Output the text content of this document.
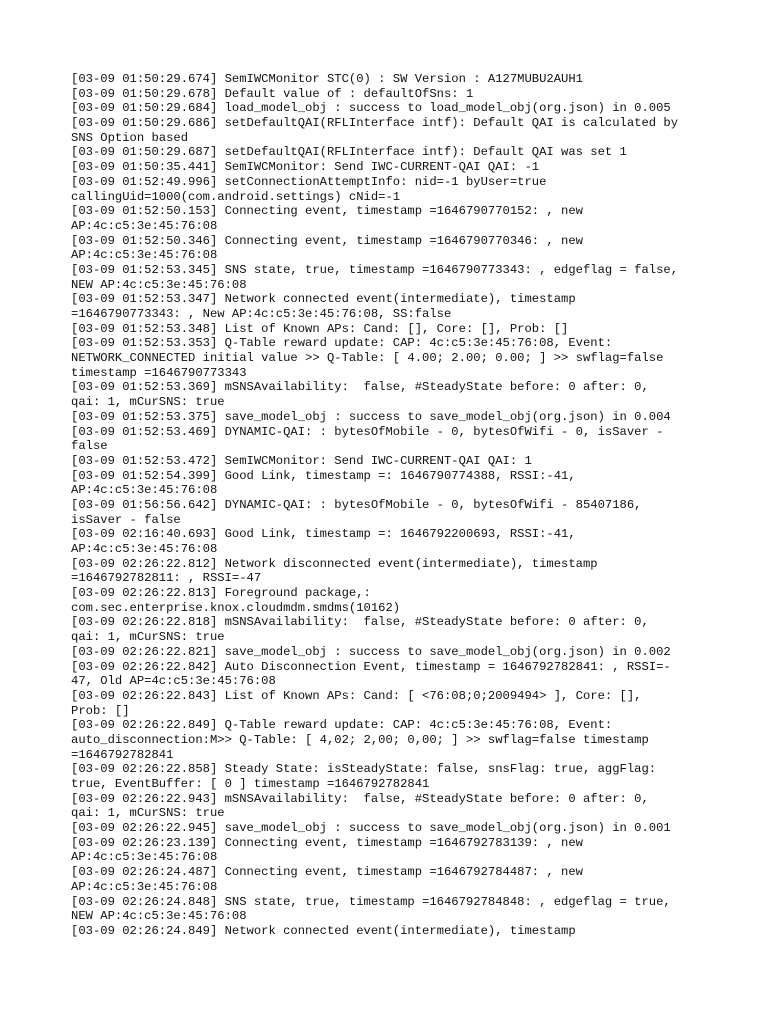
[03-09 01:50:29.674] SemIWCMonitor STC(0) : SW Version : A127MUBU2AUH1
[03-09 01:50:29.678] Default value of : defaultOfSns: 1
[03-09 01:50:29.684] load_model_obj : success to load_model_obj(org.json) in 0.005
[03-09 01:50:29.686] setDefaultQAI(RFLInterface intf): Default QAI is calculated by
SNS Option based
[03-09 01:50:29.687] setDefaultQAI(RFLInterface intf): Default QAI was set 1
[03-09 01:50:35.441] SemIWCMonitor: Send IWC-CURRENT-QAI QAI: -1
[03-09 01:52:49.996] setConnectionAttemptInfo: nid=-1 byUser=true
callingUid=1000(com.android.settings) cNid=-1
[03-09 01:52:50.153] Connecting event, timestamp =1646790770152: , new
AP:4c:c5:3e:45:76:08
[03-09 01:52:50.346] Connecting event, timestamp =1646790770346: , new
AP:4c:c5:3e:45:76:08
[03-09 01:52:53.345] SNS state, true, timestamp =1646790773343: , edgeflag = false,
NEW AP:4c:c5:3e:45:76:08
[03-09 01:52:53.347] Network connected event(intermediate), timestamp
=1646790773343: , New AP:4c:c5:3e:45:76:08, SS:false
[03-09 01:52:53.348] List of Known APs: Cand: [], Core: [], Prob: []
[03-09 01:52:53.353] Q-Table reward update: CAP: 4c:c5:3e:45:76:08, Event:
NETWORK_CONNECTED initial value >> Q-Table: [ 4.00; 2.00; 0.00; ] >> swflag=false
timestamp =1646790773343
[03-09 01:52:53.369] mSNSAvailability:  false, #SteadyState before: 0 after: 0,
qai: 1, mCurSNS: true
[03-09 01:52:53.375] save_model_obj : success to save_model_obj(org.json) in 0.004
[03-09 01:52:53.469] DYNAMIC-QAI: : bytesOfMobile - 0, bytesOfWifi - 0, isSaver -
false
[03-09 01:52:53.472] SemIWCMonitor: Send IWC-CURRENT-QAI QAI: 1
[03-09 01:52:54.399] Good Link, timestamp =: 1646790774388, RSSI:-41,
AP:4c:c5:3e:45:76:08
[03-09 01:56:56.642] DYNAMIC-QAI: : bytesOfMobile - 0, bytesOfWifi - 85407186,
isSaver - false
[03-09 02:16:40.693] Good Link, timestamp =: 1646792200693, RSSI:-41,
AP:4c:c5:3e:45:76:08
[03-09 02:26:22.812] Network disconnected event(intermediate), timestamp
=1646792782811: , RSSI=-47
[03-09 02:26:22.813] Foreground package,:
com.sec.enterprise.knox.cloudmdm.smdms(10162)
[03-09 02:26:22.818] mSNSAvailability:  false, #SteadyState before: 0 after: 0,
qai: 1, mCurSNS: true
[03-09 02:26:22.821] save_model_obj : success to save_model_obj(org.json) in 0.002
[03-09 02:26:22.842] Auto Disconnection Event, timestamp = 1646792782841: , RSSI=-
47, Old AP=4c:c5:3e:45:76:08
[03-09 02:26:22.843] List of Known APs: Cand: [ <76:08;0;2009494> ], Core: [],
Prob: []
[03-09 02:26:22.849] Q-Table reward update: CAP: 4c:c5:3e:45:76:08, Event:
auto_disconnection:M>> Q-Table: [ 4,02; 2,00; 0,00; ] >> swflag=false timestamp
=1646792782841
[03-09 02:26:22.858] Steady State: isSteadyState: false, snsFlag: true, aggFlag:
true, EventBuffer: [ 0 ] timestamp =1646792782841
[03-09 02:26:22.943] mSNSAvailability:  false, #SteadyState before: 0 after: 0,
qai: 1, mCurSNS: true
[03-09 02:26:22.945] save_model_obj : success to save_model_obj(org.json) in 0.001
[03-09 02:26:23.139] Connecting event, timestamp =1646792783139: , new
AP:4c:c5:3e:45:76:08
[03-09 02:26:24.487] Connecting event, timestamp =1646792784487: , new
AP:4c:c5:3e:45:76:08
[03-09 02:26:24.848] SNS state, true, timestamp =1646792784848: , edgeflag = true,
NEW AP:4c:c5:3e:45:76:08
[03-09 02:26:24.849] Network connected event(intermediate), timestamp
